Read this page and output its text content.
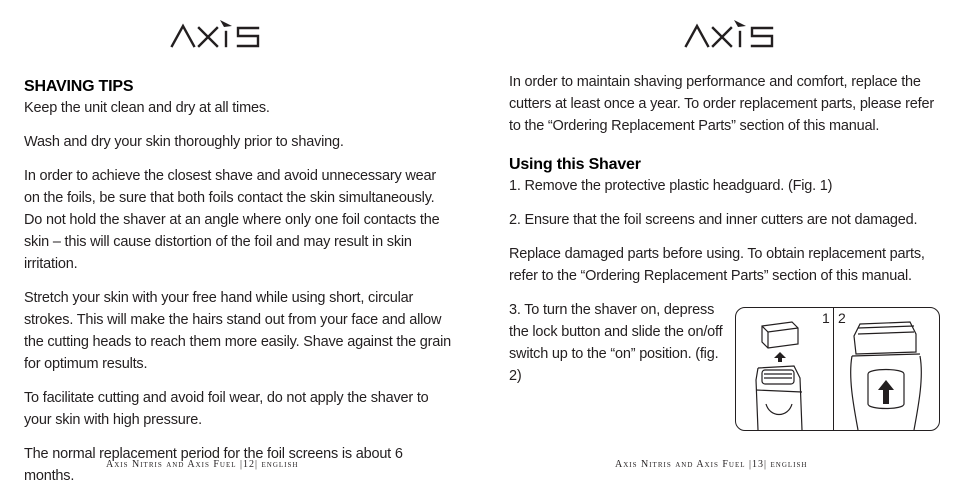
SHAVING TIPS

Keep the unit clean and dry at all times.

Wash and dry your skin thoroughly prior to shaving.

In order to achieve the closest shave and avoid unnecessary wear on the foils, be sure that both foils contact the skin simultaneously. Do not hold the shaver at an angle where only one foil contacts the skin – this will cause distortion of the foil and may result in skin irritation.

Stretch your skin with your free hand while using short, circular strokes. This will make the hairs stand out from your face and allow the cutting heads to reach them more easily. Shave against the grain for optimum results.

To facilitate cutting and avoid foil wear, do not apply the shaver to your skin with high pressure.

The normal replacement period for the foil screens is about 6 months.

Axis Nitris and Axis Fuel |12| english

In order to maintain shaving performance and comfort, replace the cutters at least once a year. To order replacement parts, please refer to the “Ordering Replacement Parts” section of this manual.

Using this Shaver

1. Remove the protective plastic headguard. (Fig. 1)

2. Ensure that the foil screens and inner cutters are not damaged.

Replace damaged parts before using. To obtain replacement parts, refer to the “Ordering Replacement Parts” section of this manual.

3. To turn the shaver on, depress the lock button and slide the on/off switch up to the “on” position. (fig. 2)

1 2
Axis Nitris and Axis Fuel |13| english
